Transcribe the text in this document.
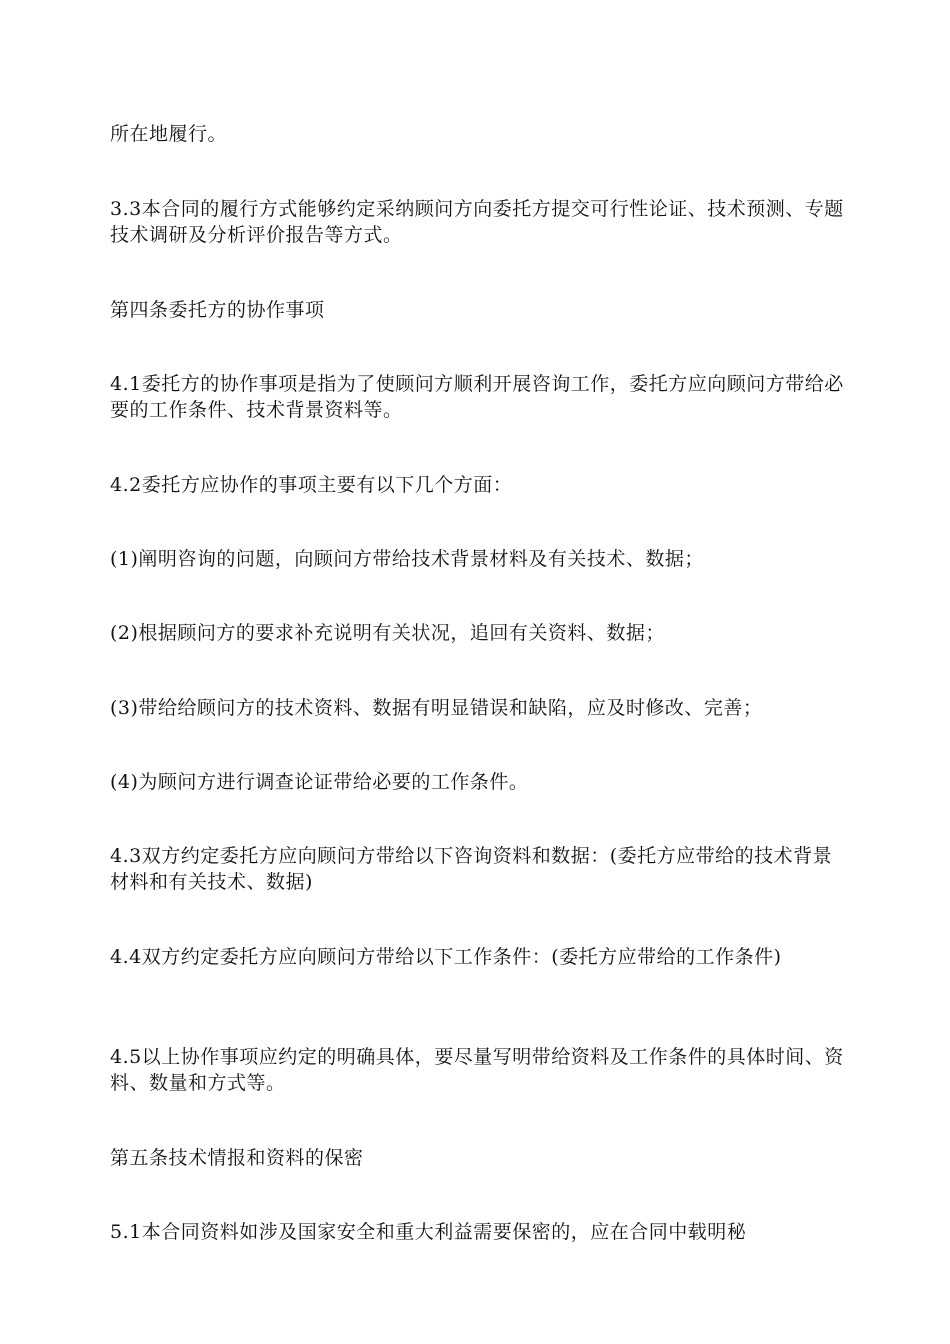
所在地履行。

3.3本合同的履行方式能够约定采纳顾问方向委托方提交可行性论证、技术预测、专题技术调研及分析评价报告等方式。

第四条委托方的协作事项

4.1委托方的协作事项是指为了使顾问方顺利开展咨询工作，委托方应向顾问方带给必要的工作条件、技术背景资料等。

4.2委托方应协作的事项主要有以下几个方面：

(1)阐明咨询的问题，向顾问方带给技术背景材料及有关技术、数据；

(2)根据顾问方的要求补充说明有关状况，追回有关资料、数据；

(3)带给给顾问方的技术资料、数据有明显错误和缺陷，应及时修改、完善；

(4)为顾问方进行调查论证带给必要的工作条件。

4.3双方约定委托方应向顾问方带给以下咨询资料和数据：(委托方应带给的技术背景材料和有关技术、数据)

4.4双方约定委托方应向顾问方带给以下工作条件：(委托方应带给的工作条件)

4.5以上协作事项应约定的明确具体，要尽量写明带给资料及工作条件的具体时间、资料、数量和方式等。

第五条技术情报和资料的保密

5.1本合同资料如涉及国家安全和重大利益需要保密的，应在合同中载明秘
